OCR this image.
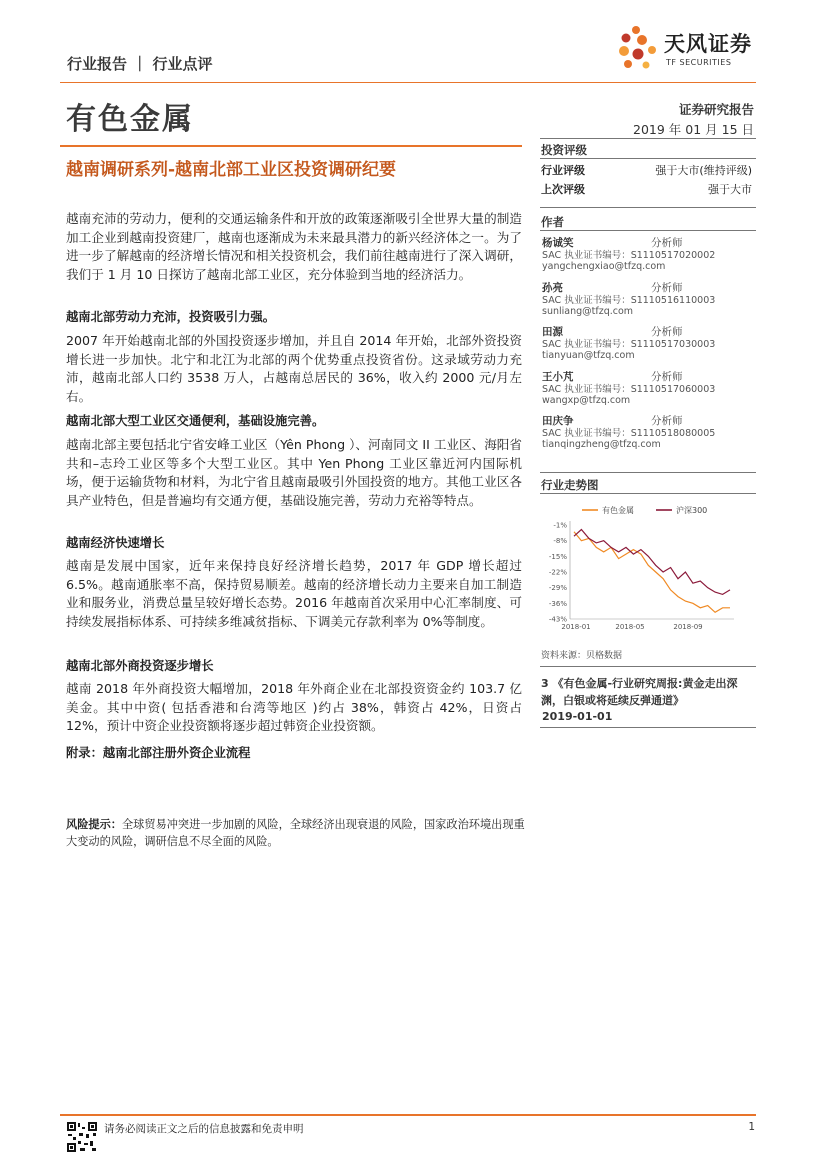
行业报告 ｜ 行业点评
天风证券
TF SECURITIES
有色金属	证券研究报告
2019 年 01 月 15 日
越南调研系列-越南北部工业区投资调研纪要
投资评级
行业评级	强于大市(维持评级)
上次评级	强于大市
作者
杨诚笑	分析师
SAC 执业证书编号：S1110517020002
yangchengxiao@tfzq.com
孙亮	分析师
SAC 执业证书编号：S1110516110003
sunliang@tfzq.com
田源	分析师
SAC 执业证书编号：S1110517030003
tianyuan@tfzq.com
王小芃	分析师
SAC 执业证书编号：S1110517060003
wangxp@tfzq.com
田庆争	分析师
SAC 执业证书编号：S1110518080005
tianqingzheng@tfzq.com
行业走势图
-1%
-8%
-15%
-22%
-29%
-36%
-43%
2018-01	2018-05	2018-09
有色金属	沪深300
资料来源：贝格数据
3 《有色金属-行业研究周报:黄金走出深渊，白银或将延续反弹通道》
2019-01-01
越南充沛的劳动力，便利的交通运输条件和开放的政策逐渐吸引全世界大量的制造加工企业到越南投资建厂，越南也逐渐成为未来最具潜力的新兴经济体之一。为了进一步了解越南的经济增长情况和相关投资机会，我们前往越南进行了深入调研，我们于 1 月 10 日探访了越南北部工业区，充分体验到当地的经济活力。
越南北部劳动力充沛，投资吸引力强。
2007 年开始越南北部的外国投资逐步增加，并且自 2014 年开始，北部外资投资增长进一步加快。北宁和北江为北部的两个优势重点投资省份。这录域劳动力充沛，越南北部人口约 3538 万人，占越南总居民的 36%，收入约 2000 元/月左右。
越南北部大型工业区交通便利，基础设施完善。
越南北部主要包括北宁省安峰工业区（Yên Phong ）、河南同文 II 工业区、海阳省共和–志玲工业区等多个大型工业区。其中 Yen Phong 工业区靠近河内国际机场，便于运输货物和材料，为北宁省且越南最吸引外国投资的地方。其他工业区各具产业特色，但是普遍均有交通方便，基础设施完善，劳动力充裕等特点。
越南经济快速增长
越南是发展中国家，近年来保持良好经济增长趋势，2017 年 GDP 增长超过 6.5%。越南通胀率不高，保持贸易顺差。越南的经济增长动力主要来自加工制造业和服务业，消费总量呈较好增长态势。2016 年越南首次采用中心汇率制度、可持续发展指标体系、可持续多维减贫指标、下调美元存款利率为 0%等制度。
越南北部外商投资逐步增长
越南 2018 年外商投资大幅增加，2018 年外商企业在北部投资资金约 103.7 亿美金。其中中资( 包括香港和台湾等地区 )约占 38%，韩资占 42%，日资占 12%，预计中资企业投资额将逐步超过韩资企业投资额。
附录：越南北部注册外资企业流程
风险提示：全球贸易冲突进一步加剧的风险，全球经济出现衰退的风险，国家政治环境出现重大变动的风险，调研信息不尽全面的风险。
请务必阅读正文之后的信息披露和免责申明	1
